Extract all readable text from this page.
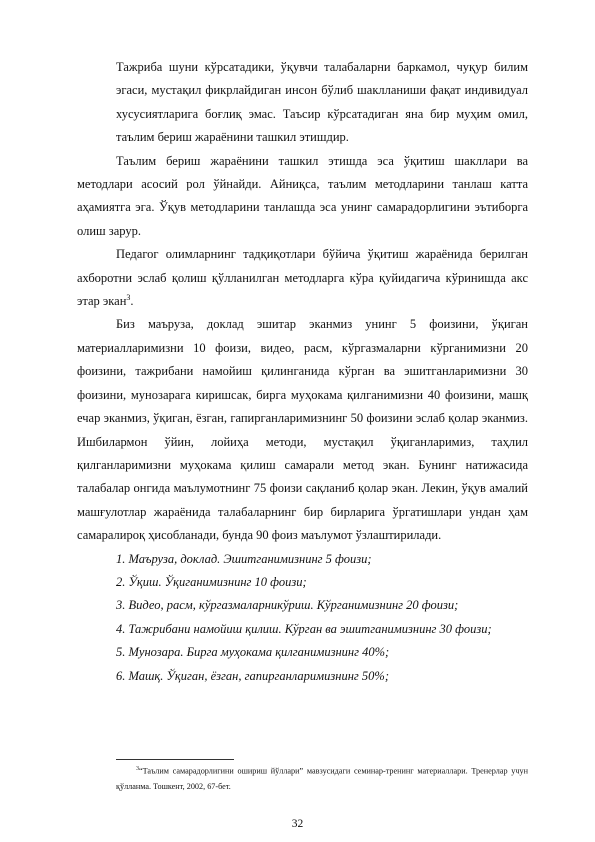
Тажриба шуни кўрсатадики, ўқувчи талабаларни баркамол, чуқур билим эгаси, мустақил фикрлайдиган инсон бўлиб шаклланиши фақат индивидуал хусусиятларига боғлиқ эмас. Таъсир кўрсатадиган яна бир муҳим омил, таълим бериш жараёнини ташкил этишдир.

Таълим бериш жараёнини ташкил этишда эса ўқитиш шакллари ва методлари асосий рол ўйнайди. Айниқса, таълим методларини танлаш катта аҳамиятга эга. Ўқув методларини танлашда эса унинг самарадорлигини эътиборга олиш зарур.

Педагог олимларнинг тадқиқотлари бўйича ўқитиш жараёнида берилган ахборотни эслаб қолиш қўлланилган методларга кўра қуйидагича кўринишда акс этар экан$^3$.

Биз маъруза, доклад эшитар эканмиз унинг 5 фоизини, ўқиган материалларимизни 10 фоизи, видео, расм, кўргазмаларни кўрганимизни 20 фоизини, тажрибани намойиш қилинганида кўрган ва эшитганларимизни 30 фоизини, мунозарага киришсак, бирга муҳокама қилганимизни 40 фоизини, машқ ечар эканмиз, ўқиган, ёзган, гапирганларимизнинг 50 фоизини эслаб қолар эканмиз. Ишбилармон ўйин, лойиҳа методи, мустақил ўқиганларимиз, таҳлил қилганларимизни муҳокама қилиш самарали метод экан. Бунинг натижасида талабалар онгида маълумотнинг 75 фоизи сақланиб қолар экан. Лекин, ўқув амалий машғулотлар жараёнида талабаларнинг бир бирларига ўргатишлари ундан ҳам самаралироқ ҳисобланади, бунда 90 фоиз маълумот ўзлаштирилади.

1. Маъруза, доклад. Эшитганимизнинг 5 фоизи;

2. Ўқиш. Ўқиганимизнинг 10 фоизи;

3. Видео, расм, кўргазмаларникўриш. Кўрганимизнинг 20 фоизи;

4. Тажрибани намойиш қилиш. Кўрган ва эшитганимизнинг 30 фоизи;

5. Мунозара. Бирга муҳокама қилганимизнинг 40%;

6. Машқ. Ўқиган, ёзган, гапирганларимизнинг 50%;

$^3$“Таълим самарадорлигини ошириш йўллари” мавзусидаги семинар-тренинг материаллари. Тренерлар учун қўлланма. Тошкент, 2002, 67-бет.
32
